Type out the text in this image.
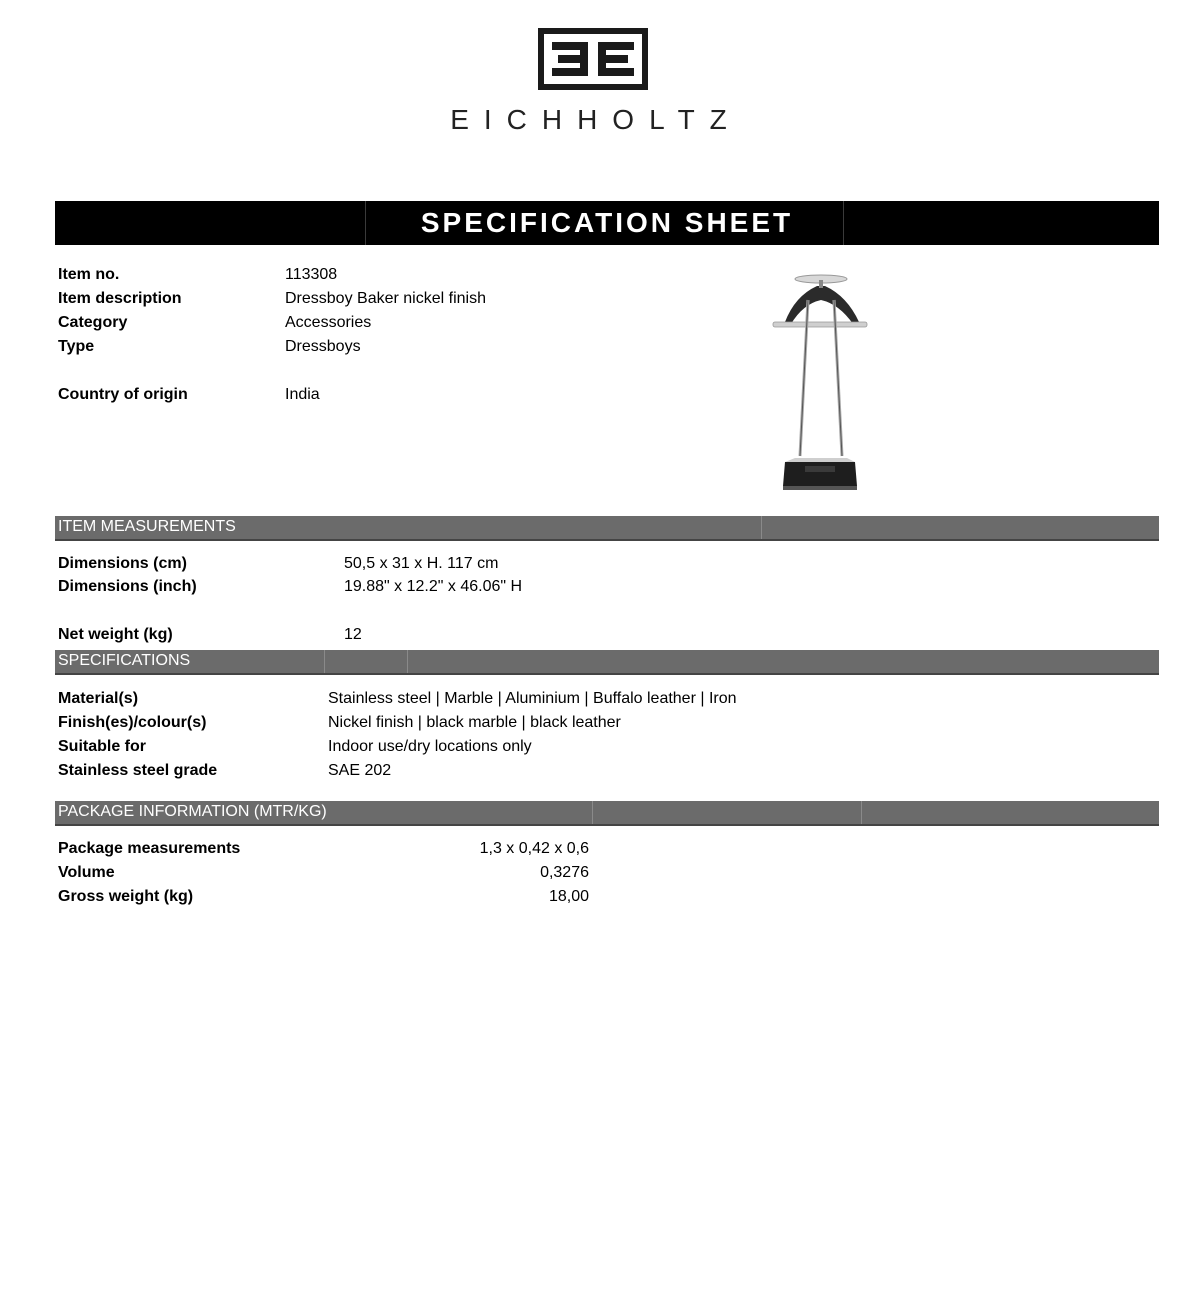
EICHHOLTZ
SPECIFICATION SHEET
Item no.	113308
Item description	Dressboy Baker nickel finish
Category	Accessories
Type	Dressboys
Country of origin	India
ITEM MEASUREMENTS
Dimensions (cm)	50,5 x 31 x H. 117 cm
Dimensions (inch)	19.88" x 12.2" x 46.06" H
Net weight (kg)	12
SPECIFICATIONS
Material(s)	Stainless steel | Marble | Aluminium | Buffalo leather | Iron
Finish(es)/colour(s)	Nickel finish | black marble | black leather
Suitable for	Indoor use/dry locations only
Stainless steel grade	SAE 202
PACKAGE INFORMATION (MTR/KG)
Package measurements	1,3 x 0,42 x 0,6
Volume	0,3276
Gross weight (kg)	18,00
